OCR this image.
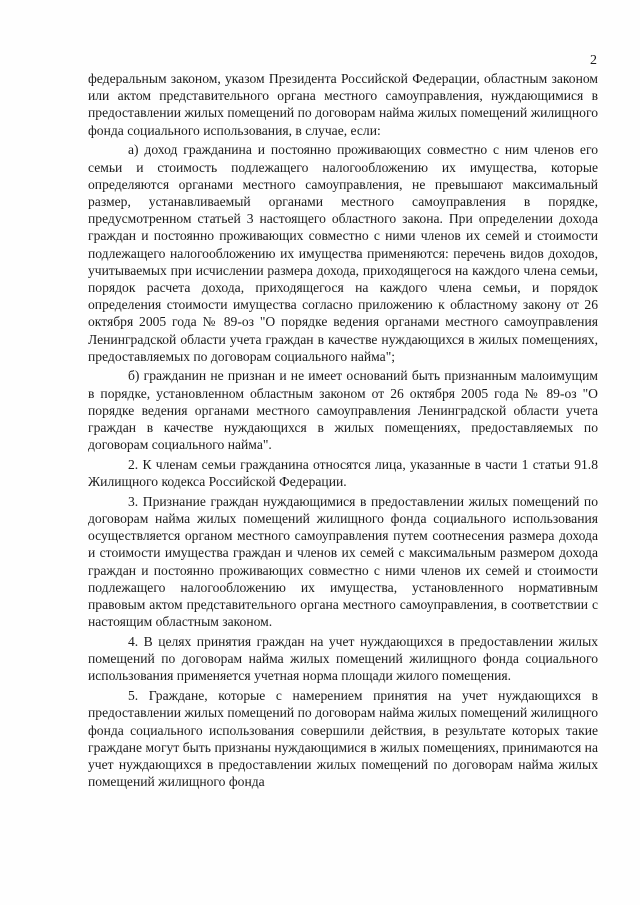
2

федеральным законом, указом Президента Российской Федерации, областным законом или актом представительного органа местного самоуправления, нуждающимися в предоставлении жилых помещений по договорам найма жилых помещений жилищного фонда социального использования, в случае, если:

а) доход гражданина и постоянно проживающих совместно с ним членов его семьи и стоимость подлежащего налогообложению их имущества, которые определяются органами местного самоуправления, не превышают максимальный размер, устанавливаемый органами местного самоуправления в порядке, предусмотренном статьей 3 настоящего областного закона. При определении дохода граждан и постоянно проживающих совместно с ними членов их семей и стоимости подлежащего налогообложению их имущества применяются: перечень видов доходов, учитываемых при исчислении размера дохода, приходящегося на каждого члена семьи, порядок расчета дохода, приходящегося на каждого члена семьи, и порядок определения стоимости имущества согласно приложению к областному закону от 26 октября 2005 года № 89-оз "О порядке ведения органами местного самоуправления Ленинградской области учета граждан в качестве нуждающихся в жилых помещениях, предоставляемых по договорам социального найма";

б) гражданин не признан и не имеет оснований быть признанным малоимущим в порядке, установленном областным законом от 26 октября 2005 года № 89-оз "О порядке ведения органами местного самоуправления Ленинградской области учета граждан в качестве нуждающихся в жилых помещениях, предоставляемых по договорам социального найма".

2. К членам семьи гражданина относятся лица, указанные в части 1 статьи 91.8 Жилищного кодекса Российской Федерации.

3. Признание граждан нуждающимися в предоставлении жилых помещений по договорам найма жилых помещений жилищного фонда социального использования осуществляется органом местного самоуправления путем соотнесения размера дохода и стоимости имущества граждан и членов их семей с максимальным размером дохода граждан и постоянно проживающих совместно с ними членов их семей и стоимости подлежащего налогообложению их имущества, установленного нормативным правовым актом представительного органа местного самоуправления, в соответствии с настоящим областным законом.

4. В целях принятия граждан на учет нуждающихся в предоставлении жилых помещений по договорам найма жилых помещений жилищного фонда социального использования применяется учетная норма площади жилого помещения.

5. Граждане, которые с намерением принятия на учет нуждающихся в предоставлении жилых помещений по договорам найма жилых помещений жилищного фонда социального использования совершили действия, в результате которых такие граждане могут быть признаны нуждающимися в жилых помещениях, принимаются на учет нуждающихся в предоставлении жилых помещений по договорам найма жилых помещений жилищного фонда
